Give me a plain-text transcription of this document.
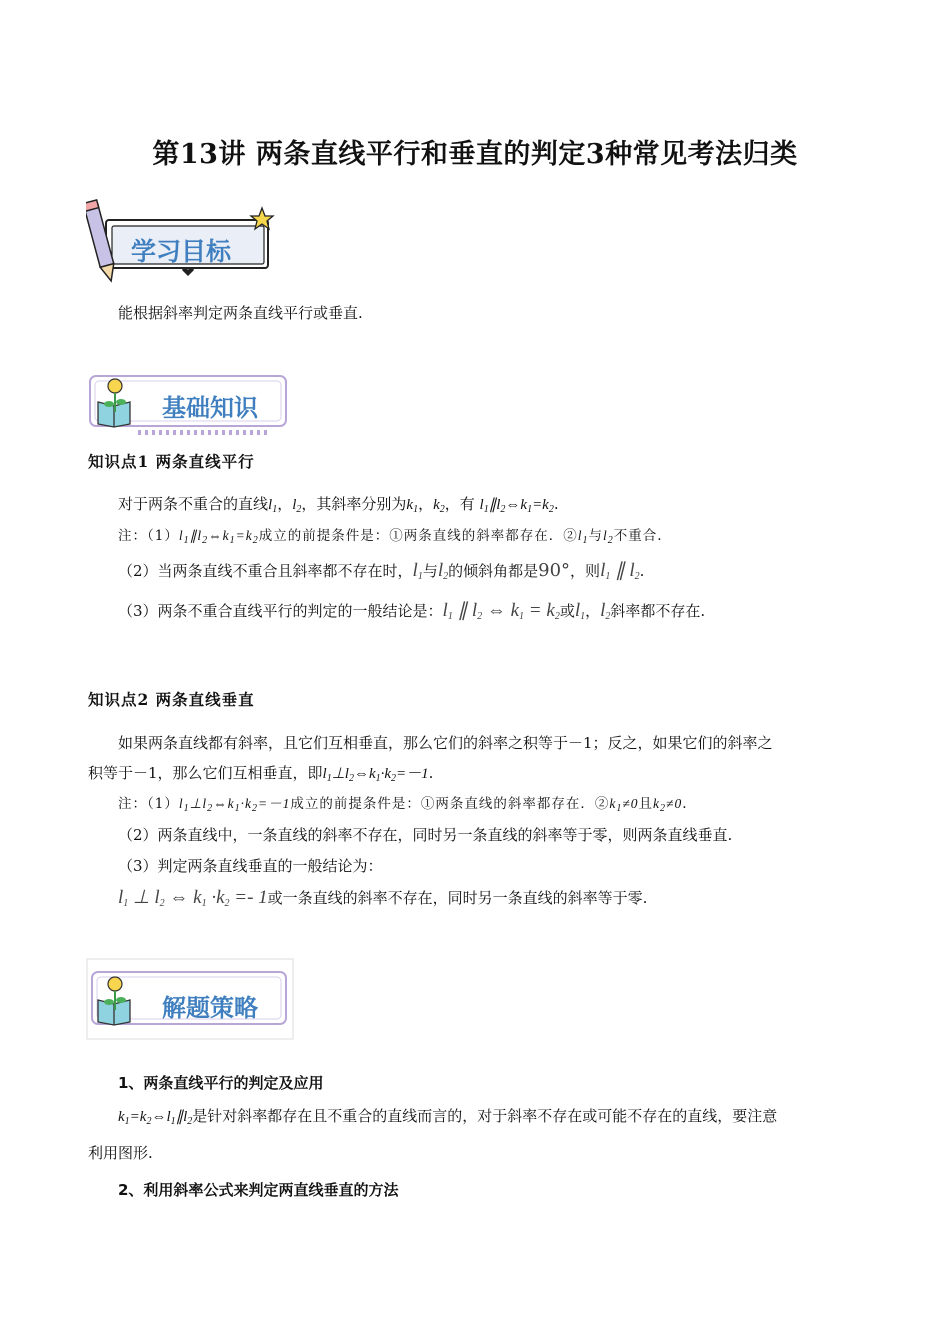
第13讲 两条直线平行和垂直的判定3种常见考法归类
学习目标
能根据斜率判定两条直线平行或垂直.
基础知识
知识点1 两条直线平行
对于两条不重合的直线$l_1$，$l_2$，其斜率分别为$k_1$，$k_2$，有 $l_1\parallel l_2\Leftrightarrow k_1=k_2$.
注：$(1)l_1\parallel l_2\Leftrightarrow k_1=k_2$成立的前提条件是：①两条直线的斜率都存在．$②l_1$与$l_2$不重合.
（2）当两条直线不重合且斜率都不存在时，$l_1$与$l_2$的倾斜角都是90°，则$l_1$ ∥ $l_2$.
（3）两条不重合直线平行的判定的一般结论是：$l_1$ ∥ $l_2$ ⇔ $k_1 = k_2$或$l_1$，$l_2$斜率都不存在.
知识点2 两条直线垂直
如果两条直线都有斜率，且它们互相垂直，那么它们的斜率之积等于－1；反之，如果它们的斜率之
积等于－1，那么它们互相垂直，即$l_1\perp l_2\Leftrightarrow k_1\cdot k_2=-1$.
注：$(1)l_1\perp l_2\Leftrightarrow k_1\cdot k_2=-1$成立的前提条件是：①两条直线的斜率都存在．$②k_1\ne 0$且$k_2\ne 0$.
（2）两条直线中，一条直线的斜率不存在，同时另一条直线的斜率等于零，则两条直线垂直.
（3）判定两条直线垂直的一般结论为：
$l_1$ ⊥ $l_2$ ⇔ $k_1 \cdot k_2 =- 1$或一条直线的斜率不存在，同时另一条直线的斜率等于零.
解题策略
1、两条直线平行的判定及应用
$k_1=k_2\Leftrightarrow l_1\parallel l_2$是针对斜率都存在且不重合的直线而言的，对于斜率不存在或可能不存在的直线，要注意
利用图形.
2、利用斜率公式来判定两直线垂直的方法
